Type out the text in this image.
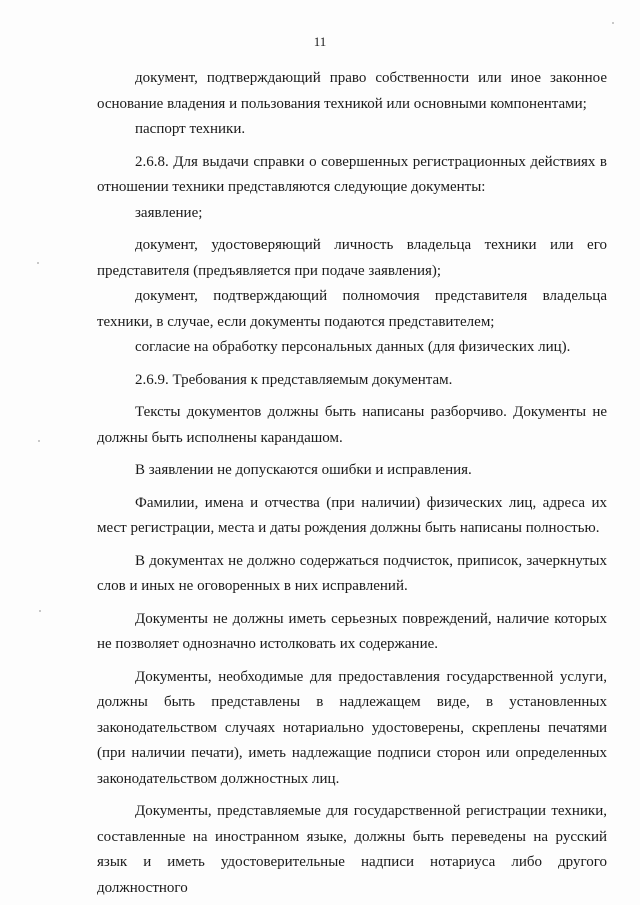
11

документ, подтверждающий право собственности или иное законное основание владения и пользования техникой или основными компонентами;

паспорт техники.

2.6.8. Для выдачи справки о совершенных регистрационных действиях в отношении техники представляются следующие документы:

заявление;

документ, удостоверяющий личность владельца техники или его представителя (предъявляется при подаче заявления);

документ, подтверждающий полномочия представителя владельца техники, в случае, если документы подаются представителем;

согласие на обработку персональных данных (для физических лиц).

2.6.9. Требования к представляемым документам.

Тексты документов должны быть написаны разборчиво. Документы не должны быть исполнены карандашом.

В заявлении не допускаются ошибки и исправления.

Фамилии, имена и отчества (при наличии) физических лиц, адреса их мест регистрации, места и даты рождения должны быть написаны полностью.

В документах не должно содержаться подчисток, приписок, зачеркнутых слов и иных не оговоренных в них исправлений.

Документы не должны иметь серьезных повреждений, наличие которых не позволяет однозначно истолковать их содержание.

Документы, необходимые для предоставления государственной услуги, должны быть представлены в надлежащем виде, в установленных законодательством случаях нотариально удостоверены, скреплены печатями (при наличии печати), иметь надлежащие подписи сторон или определенных законодательством должностных лиц.

Документы, представляемые для государственной регистрации техники, составленные на иностранном языке, должны быть переведены на русский язык и иметь удостоверительные надписи нотариуса либо другого должностного
